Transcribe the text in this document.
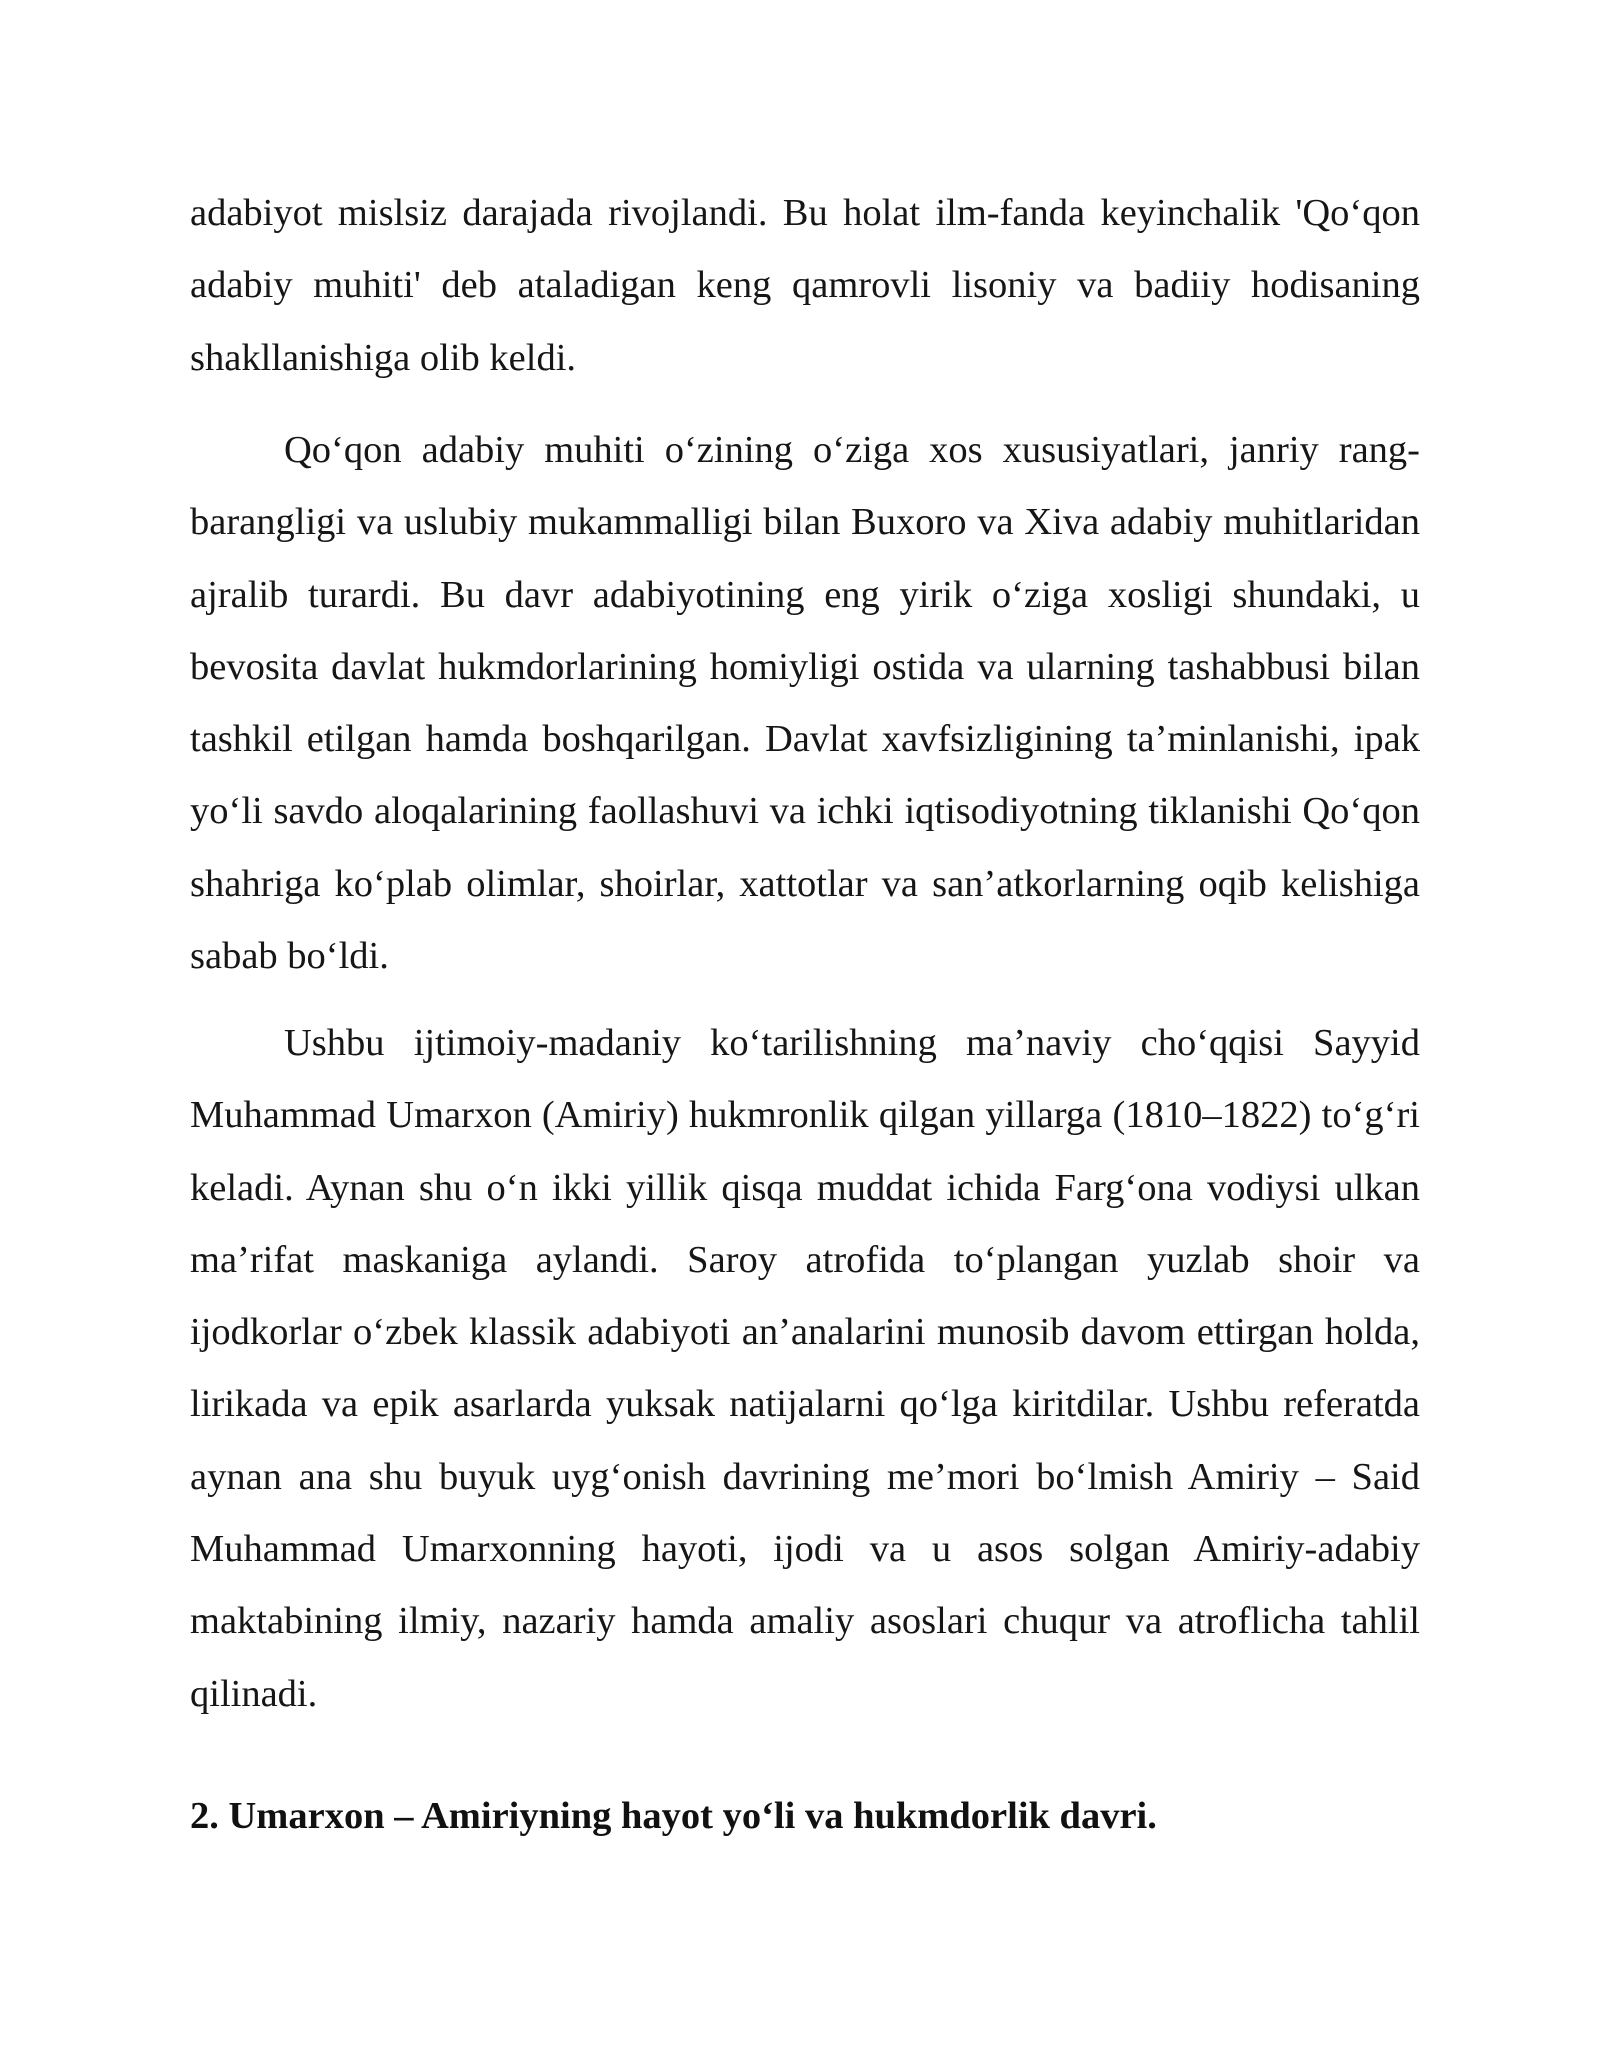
adabiyot mislsiz darajada rivojlandi. Bu holat ilm-fanda keyinchalik 'Qo‘qon adabiy muhiti' deb ataladigan keng qamrovli lisoniy va badiiy hodisaning shakllanishiga olib keldi.

Qo‘qon adabiy muhiti o‘zining o‘ziga xos xususiyatlari, janriy rang-barangligi va uslubiy mukammalligi bilan Buxoro va Xiva adabiy muhitlaridan ajralib turardi. Bu davr adabiyotining eng yirik o‘ziga xosligi shundaki, u bevosita davlat hukmdorlarining homiyligi ostida va ularning tashabbusi bilan tashkil etilgan hamda boshqarilgan. Davlat xavfsizligining ta’minlanishi, ipak yo‘li savdo aloqalarining faollashuvi va ichki iqtisodiyotning tiklanishi Qo‘qon shahriga ko‘plab olimlar, shoirlar, xattotlar va san’atkorlarning oqib kelishiga sabab bo‘ldi.

Ushbu ijtimoiy-madaniy ko‘tarilishning ma’naviy cho‘qqisi Sayyid Muhammad Umarxon (Amiriy) hukmronlik qilgan yillarga (1810–1822) to‘g‘ri keladi. Aynan shu o‘n ikki yillik qisqa muddat ichida Farg‘ona vodiysi ulkan ma’rifat maskaniga aylandi. Saroy atrofida to‘plangan yuzlab shoir va ijodkorlar o‘zbek klassik adabiyoti an’analarini munosib davom ettirgan holda, lirikada va epik asarlarda yuksak natijalarni qo‘lga kiritdilar. Ushbu referatda aynan ana shu buyuk uyg‘onish davrining me’mori bo‘lmish Amiriy – Said Muhammad Umarxonning hayoti, ijodi va u asos solgan Amiriy-adabiy maktabining ilmiy, nazariy hamda amaliy asoslari chuqur va atroflicha tahlil qilinadi.

2. Umarxon – Amiriyning hayot yo‘li va hukmdorlik davri.
